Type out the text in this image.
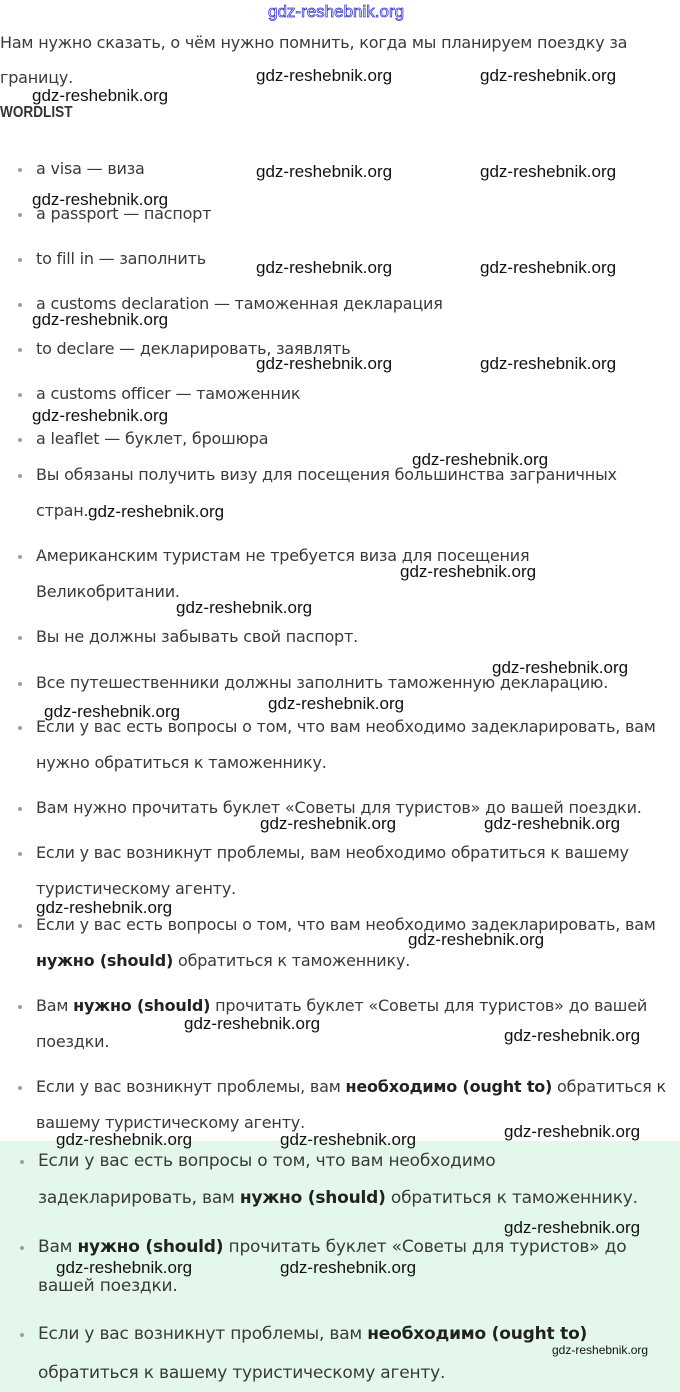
Нам нужно сказать, о чём нужно помнить, когда мы планируем поездку за
границу.
WORDLIST
a visa — виза
a passport — паспорт
to fill in — заполнить
a customs declaration — таможенная декларация
to declare — декларировать, заявлять
a customs officer — таможенник
a leaflet — буклет, брошюра
Вы обязаны получить визу для посещения большинства заграничных
стран.
Американским туристам не требуется виза для посещения
Великобритании.
Вы не должны забывать свой паспорт.
Все путешественники должны заполнить таможенную декларацию.
Если у вас есть вопросы о том, что вам необходимо задекларировать, вам
нужно обратиться к таможеннику.
Вам нужно прочитать буклет «Советы для туристов» до вашей поездки.
Если у вас возникнут проблемы, вам необходимо обратиться к вашему
туристическому агенту.
Если у вас есть вопросы о том, что вам необходимо задекларировать, вам
нужно (should) обратиться к таможеннику.
Вам нужно (should) прочитать буклет «Советы для туристов» до вашей
поездки.
Если у вас возникнут проблемы, вам необходимо (ought to) обратиться к
вашему туристическому агенту.
Если у вас есть вопросы о том, что вам необходимо
задекларировать, вам нужно (should) обратиться к таможеннику.
Вам нужно (should) прочитать буклет «Советы для туристов» до
вашей поездки.
Если у вас возникнут проблемы, вам необходимо (ought to)
обратиться к вашему туристическому агенту.
gdz-reshebnik.org
gdz-reshebnik.org	gdz-reshebnik.org
gdz-reshebnik.org
gdz-reshebnik.org	gdz-reshebnik.org
gdz-reshebnik.org
gdz-reshebnik.org	gdz-reshebnik.org
gdz-reshebnik.org
gdz-reshebnik.org	gdz-reshebnik.org
gdz-reshebnik.org
gdz-reshebnik.org
gdz-reshebnik.org
gdz-reshebnik.org
gdz-reshebnik.org
gdz-reshebnik.org
gdz-reshebnik.org
gdz-reshebnik.org
gdz-reshebnik.org	gdz-reshebnik.org
gdz-reshebnik.org
gdz-reshebnik.org
gdz-reshebnik.org
gdz-reshebnik.org
gdz-reshebnik.org
gdz-reshebnik.org	gdz-reshebnik.org
gdz-reshebnik.org
gdz-reshebnik.org	gdz-reshebnik.org
gdz-reshebnik.org
